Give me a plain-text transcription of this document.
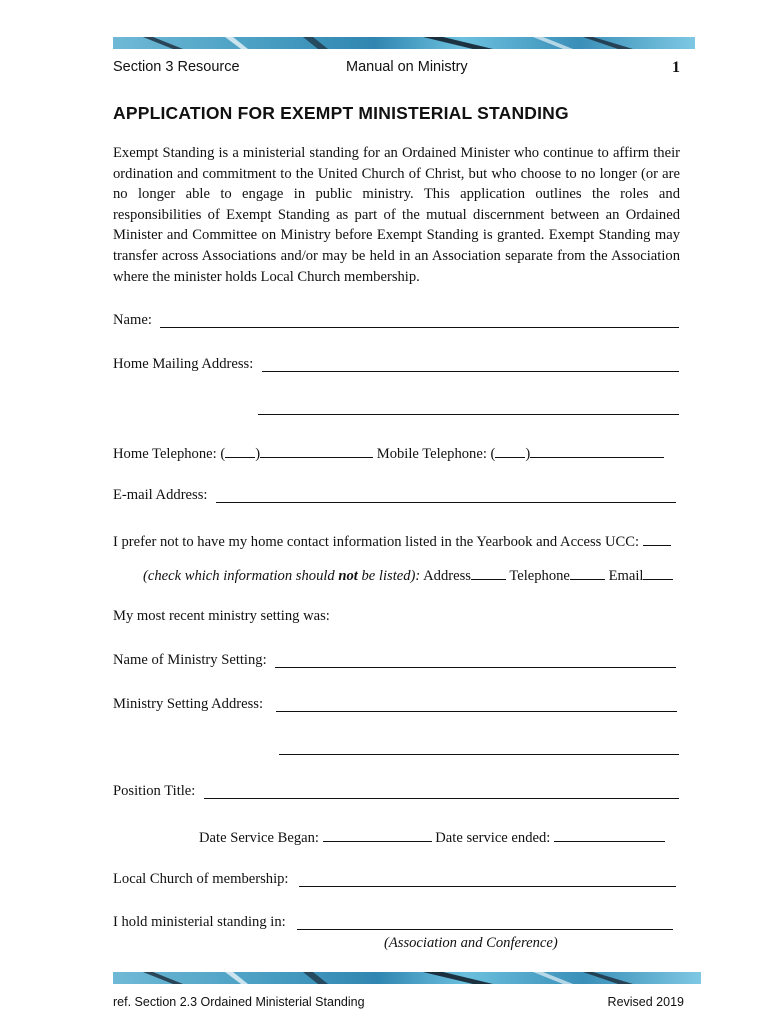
Section 3 Resource	Manual on Ministry	1
APPLICATION FOR EXEMPT MINISTERIAL STANDING
Exempt Standing is a ministerial standing for an Ordained Minister who continue to affirm their ordination and commitment to the United Church of Christ, but who choose to no longer (or are no longer able to engage in public ministry. This application outlines the roles and responsibilities of Exempt Standing as part of the mutual discernment between an Ordained Minister and Committee on Ministry before Exempt Standing is granted. Exempt Standing may transfer across Associations and/or may be held in an Association separate from the Association where the minister holds Local Church membership.
Name:
Home Mailing Address:
Home Telephone: ( )	Mobile Telephone: ( )
E-mail Address:
I prefer not to have my home contact information listed in the Yearbook and Access UCC:
(check which information should not be listed): Address	Telephone	Email
My most recent ministry setting was:
Name of Ministry Setting:
Ministry Setting Address:
Position Title:
Date Service Began:	Date service ended:
Local Church of membership:
I hold ministerial standing in:
(Association and Conference)
ref. Section 2.3 Ordained Ministerial Standing	Revised 2019
